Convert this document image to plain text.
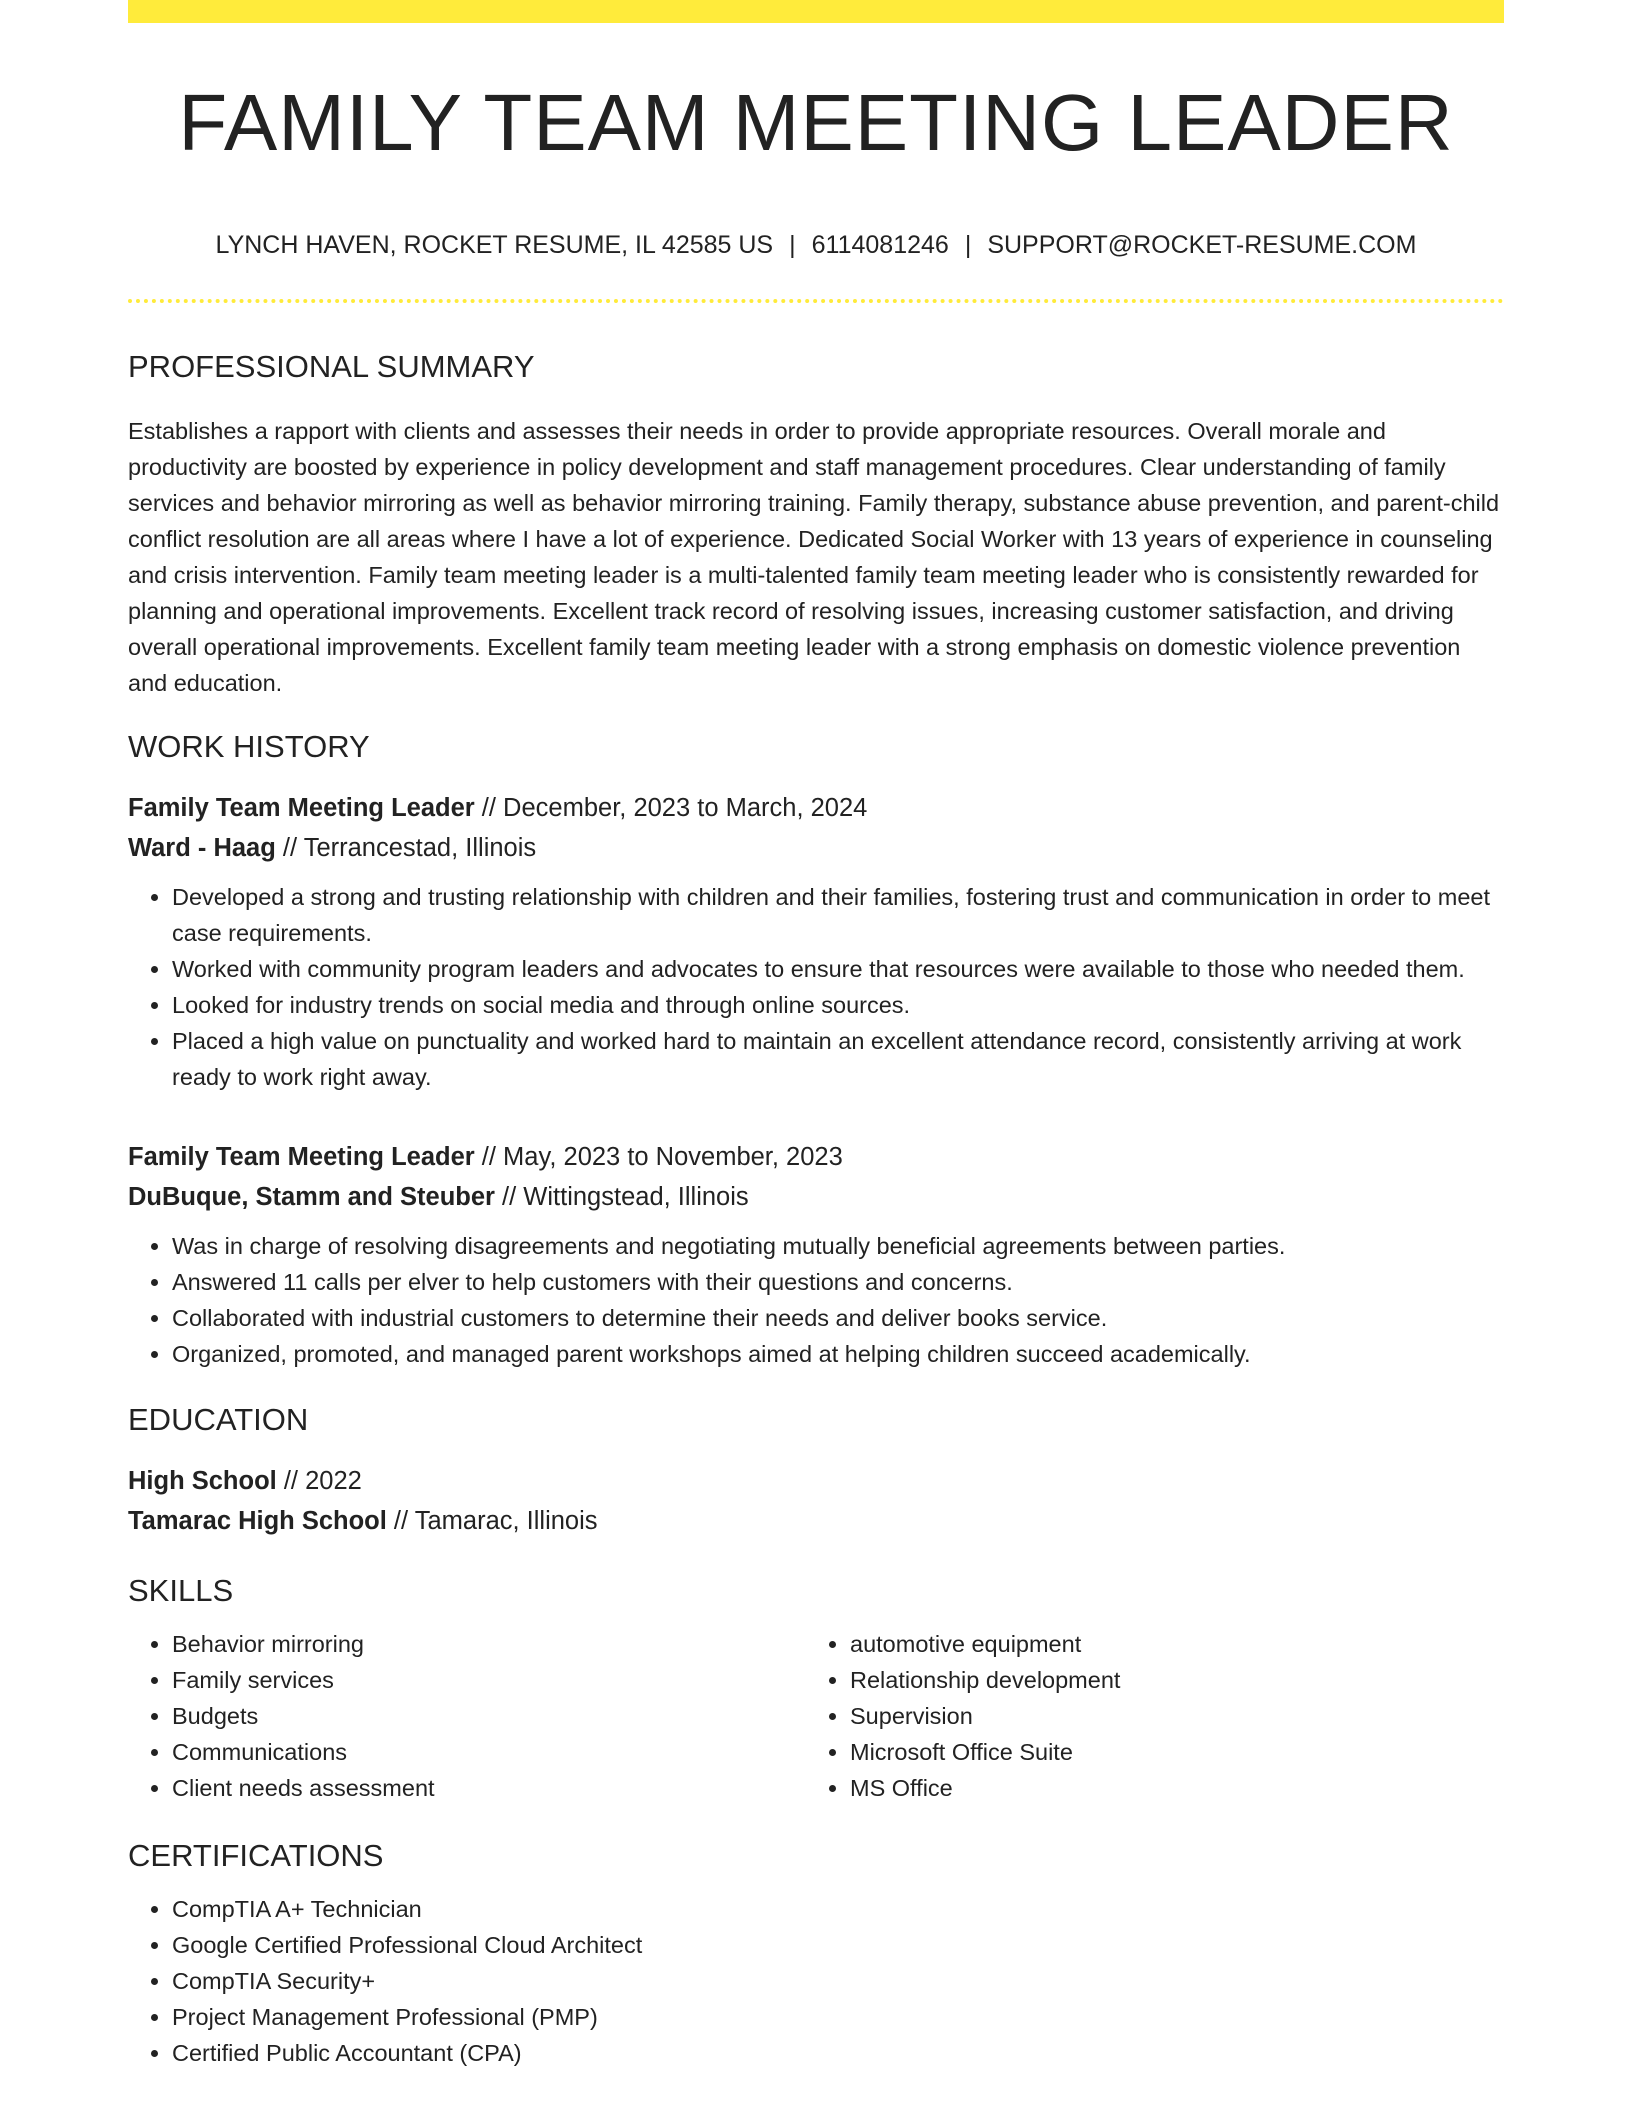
FAMILY TEAM MEETING LEADER
LYNCH HAVEN, ROCKET RESUME, IL 42585 US | 6114081246 | SUPPORT@ROCKET-RESUME.COM
PROFESSIONAL SUMMARY

Establishes a rapport with clients and assesses their needs in order to provide appropriate resources. Overall morale and productivity are boosted by experience in policy development and staff management procedures. Clear understanding of family services and behavior mirroring as well as behavior mirroring training. Family therapy, substance abuse prevention, and parent-child conflict resolution are all areas where I have a lot of experience. Dedicated Social Worker with 13 years of experience in counseling and crisis intervention. Family team meeting leader is a multi-talented family team meeting leader who is consistently rewarded for planning and operational improvements. Excellent track record of resolving issues, increasing customer satisfaction, and driving overall operational improvements. Excellent family team meeting leader with a strong emphasis on domestic violence prevention and education.

WORK HISTORY
Family Team Meeting Leader // December, 2023 to March, 2024
Ward - Haag // Terrancestad, Illinois
• Developed a strong and trusting relationship with children and their families, fostering trust and communication in order to meet case requirements.
• Worked with community program leaders and advocates to ensure that resources were available to those who needed them.
• Looked for industry trends on social media and through online sources.
• Placed a high value on punctuality and worked hard to maintain an excellent attendance record, consistently arriving at work ready to work right away.
Family Team Meeting Leader // May, 2023 to November, 2023
DuBuque, Stamm and Steuber // Wittingstead, Illinois
• Was in charge of resolving disagreements and negotiating mutually beneficial agreements between parties.
• Answered 11 calls per elver to help customers with their questions and concerns.
• Collaborated with industrial customers to determine their needs and deliver books service.
• Organized, promoted, and managed parent workshops aimed at helping children succeed academically.
EDUCATION
High School // 2022
Tamarac High School // Tamarac, Illinois
SKILLS
• Behavior mirroring
• Family services
• Budgets
• Communications
• Client needs assessment
• automotive equipment
• Relationship development
• Supervision
• Microsoft Office Suite
• MS Office
CERTIFICATIONS
• CompTIA A+ Technician
• Google Certified Professional Cloud Architect
• CompTIA Security+
• Project Management Professional (PMP)
• Certified Public Accountant (CPA)
